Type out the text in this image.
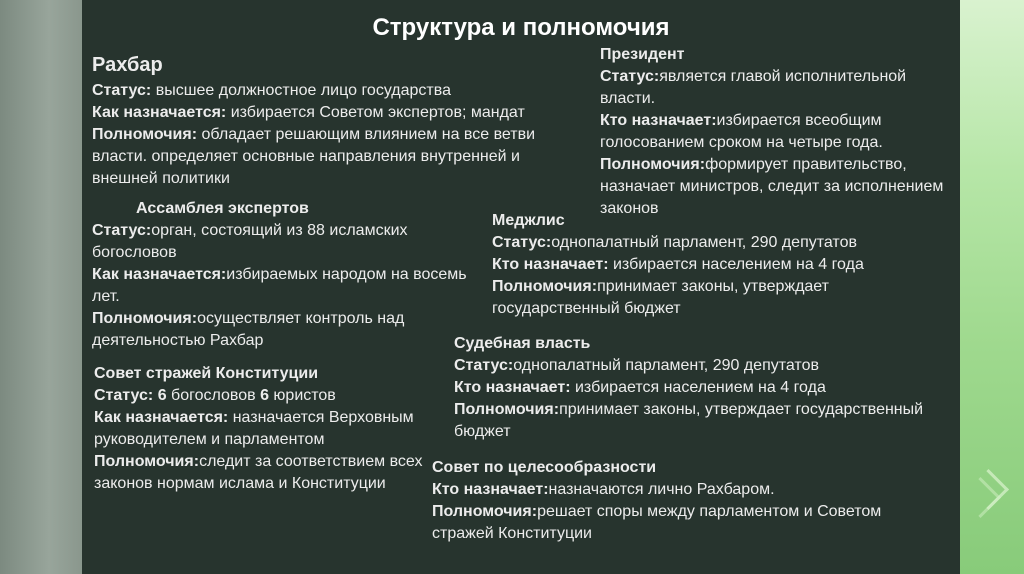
Структура и полномочия
Рахбар

Статус: высшее должностное лицо государства

Как назначается: избирается Советом экспертов; мандат

Полномочия: обладает решающим влиянием на все ветви власти. определяет основные направления внутренней и внешней политики

Президент

Статус:является главой исполнительной власти.

Кто назначает:избирается всеобщим голосованием сроком на четыре года.

Полномочия:формирует правительство, назначает министров, следит за исполнением законов

Ассамблея экспертов

Статус:орган, состоящий из 88 исламских богословов

Как назначается:избираемых народом на восемь лет.

Полномочия:осуществляет контроль над деятельностью Рахбар

Меджлис

Статус:однопалатный парламент, 290 депутатов

Кто назначает: избирается населением на 4 года

Полномочия:принимает законы, утверждает государственный бюджет

Совет стражей Конституции

Статус: 6 богословов 6 юристов

Как назначается: назначается Верховным руководителем и парламентом

Полномочия:следит за соответствием всех законов нормам ислама и Конституции

Судебная власть

Статус:однопалатный парламент, 290 депутатов

Кто назначает: избирается населением на 4 года

Полномочия:принимает законы, утверждает государственный бюджет

Совет по целесообразности

Кто назначает:назначаются лично Рахбаром.

Полномочия:решает споры между парламентом и Советом стражей Конституции
